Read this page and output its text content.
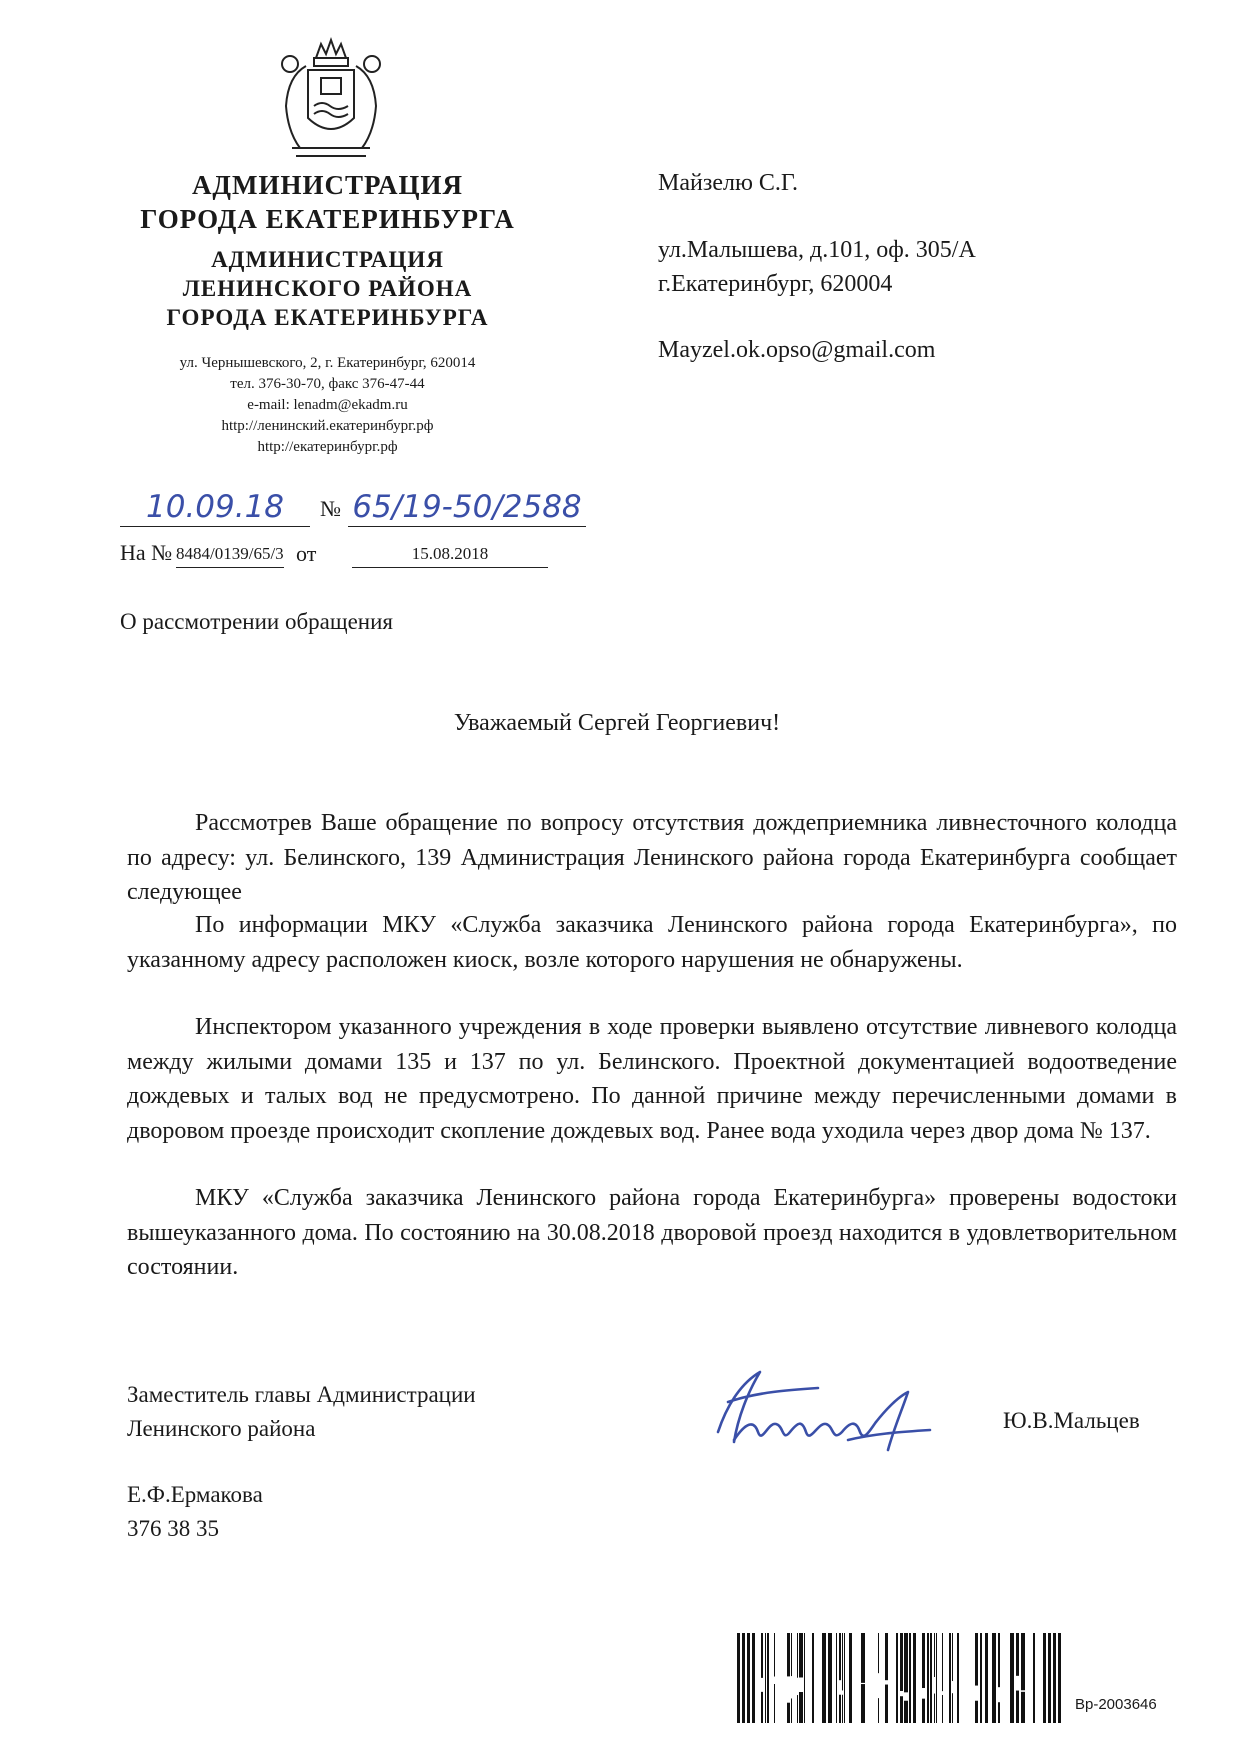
АДМИНИСТРАЦИЯ
ГОРОДА ЕКАТЕРИНБУРГА
АДМИНИСТРАЦИЯ
ЛЕНИНСКОГО РАЙОНА
ГОРОДА ЕКАТЕРИНБУРГА
ул. Чернышевского, 2, г. Екатеринбург, 620014
тел. 376-30-70, факс 376-47-44
e-mail: lenadm@ekadm.ru
http://ленинский.екатеринбург.рф
http://екатеринбург.рф
10.09.18	№ 65/19-50/2588
На № 8484/0139/65/3 от	15.08.2018
О рассмотрении обращения
Майзелю С.Г.
ул.Малышева, д.101, оф. 305/А
г.Екатеринбург, 620004
Mayzel.ok.opso@gmail.com
Уважаемый Сергей Георгиевич!

Рассмотрев Ваше обращение по вопросу отсутствия дождеприемника ливнесточного колодца по адресу: ул. Белинского, 139 Администрация Ленинского района города Екатеринбурга сообщает следующее

По информации МКУ «Служба заказчика Ленинского района города Екатеринбурга», по указанному адресу расположен киоск, возле которого нарушения не обнаружены.

Инспектором указанного учреждения в ходе проверки выявлено отсутствие ливневого колодца между жилыми домами 135 и 137 по ул. Белинского. Проектной документацией водоотведение дождевых и талых вод не предусмотрено. По данной причине между перечисленными домами в дворовом проезде происходит скопление дождевых вод. Ранее вода уходила через двор дома № 137.

МКУ «Служба заказчика Ленинского района города Екатеринбурга» проверены водостоки вышеуказанного дома. По состоянию на 30.08.2018 дворовой проезд находится в удовлетворительном состоянии.

Заместитель главы Администрации
Ленинского района	Ю.В.Мальцев
Е.Ф.Ермакова
376 38 35
Вр-2003646
